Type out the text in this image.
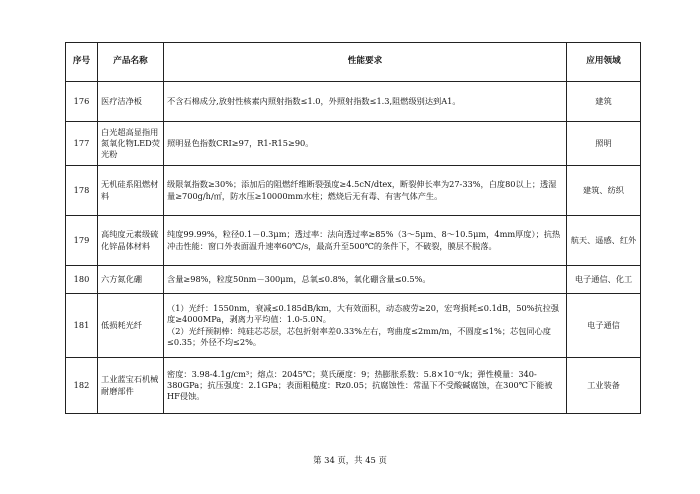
序号	产品名称	性能要求	应用领域
176	医疗洁净板	不含石棉成分,放射性核素内照射指数≤1.0，外照射指数≤1.3,阻燃级别达到A1。	建筑
177	白光超高显指用氮氧化物LED荧光粉	照明显色指数CRI≥97，R1-R15≥90。	照明
178	无机硅系阻燃材料	级限氧指数≥30%；添加后的阻燃纤维断裂强度≥4.5cN/dtex，断裂伸长率为27-33%，白度80以上；透湿量≥700g/h/㎡，防水压≥10000mm水柱；燃烧后无有毒、有害气体产生。	建筑、纺织
179	高纯度元素级硫化锌晶体材料	纯度99.99%，粒径0.1－0.3μm；透过率：法向透过率≥85%（3～5μm、8～10.5μm，4mm厚度）；抗热冲击性能：窗口外表面温升速率60℃/s，最高升至500℃的条件下，不破裂，膜层不脱落。	航天、遥感、红外
180	六方氮化硼	含量≥98%，粒度50nm－300μm，总氧≤0.8%，氧化硼含量≤0.5%。	电子通信、化工
181	低损耗光纤	（1）光纤：1550nm，衰减≤0.185dB/km，大有效面积，动态疲劳≥20，宏弯损耗≤0.1dB，50%抗拉强度≥4000MPa，剥离力平均值：1.0-5.0N。
（2）光纤预制棒：纯硅芯芯层，芯包折射率差0.33%左右，弯曲度≤2mm/m，不圆度≤1%；芯包同心度≤0.35；外径不均≤2%。	电子通信
182	工业蓝宝石机械耐磨部件	密度：3.98-4.1g/cm³；熔点：2045℃；莫氏硬度：9；热膨胀系数：5.8×10⁻⁶/k；弹性模量：340-380GPa；抗压强度：2.1GPa；表面粗糙度：Rz0.05；抗腐蚀性：常温下不受酸碱腐蚀，在300℃下能被HF侵蚀。	工业装备
第 34 页，共 45 页
